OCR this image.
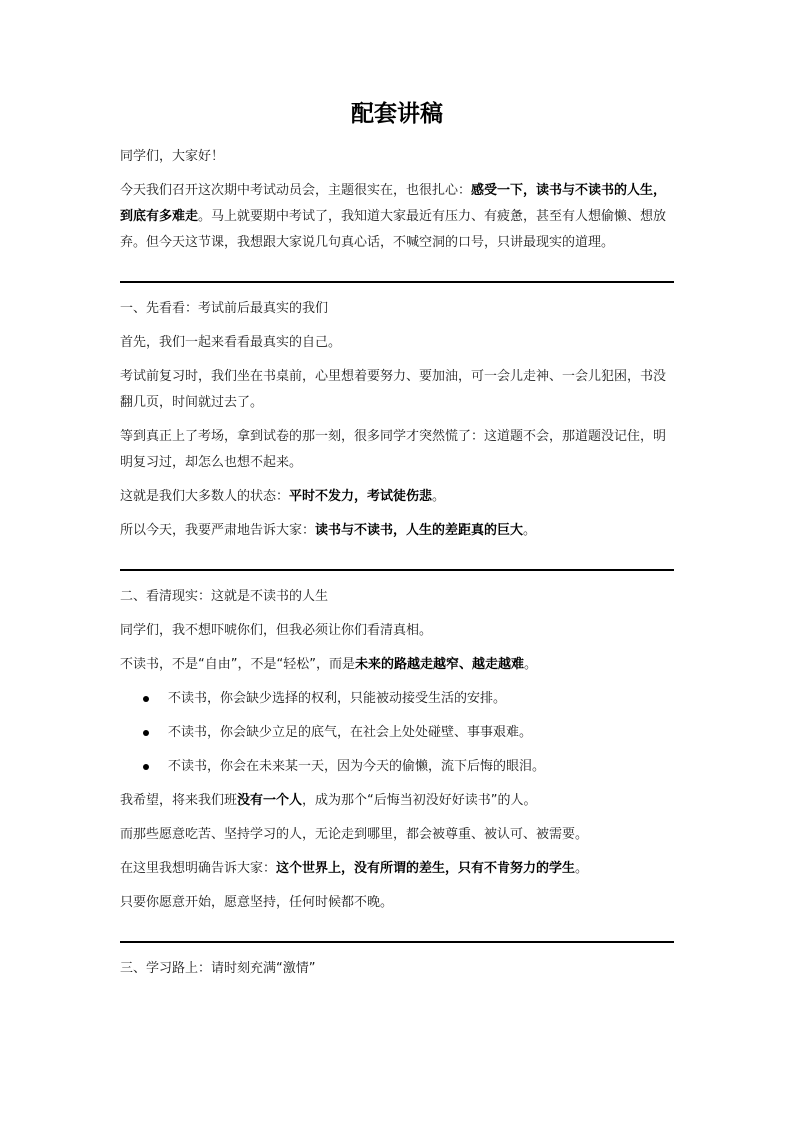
配套讲稿

同学们，大家好！

今天我们召开这次期中考试动员会，主题很实在，也很扎心：感受一下，读书与不读书的人生，到底有多难走。马上就要期中考试了，我知道大家最近有压力、有疲惫，甚至有人想偷懒、想放弃。但今天这节课，我想跟大家说几句真心话，不喊空洞的口号，只讲最现实的道理。

一、先看看：考试前后最真实的我们

首先，我们一起来看看最真实的自己。

考试前复习时，我们坐在书桌前，心里想着要努力、要加油，可一会儿走神、一会儿犯困，书没翻几页，时间就过去了。

等到真正上了考场，拿到试卷的那一刻，很多同学才突然慌了：这道题不会，那道题没记住，明明复习过，却怎么也想不起来。

这就是我们大多数人的状态：平时不发力，考试徒伤悲。

所以今天，我要严肃地告诉大家：读书与不读书，人生的差距真的巨大。

二、看清现实：这就是不读书的人生

同学们，我不想吓唬你们，但我必须让你们看清真相。

不读书，不是“自由”，不是“轻松”，而是未来的路越走越窄、越走越难。

不读书，你会缺少选择的权利，只能被动接受生活的安排。
不读书，你会缺少立足的底气，在社会上处处碰壁、事事艰难。
不读书，你会在未来某一天，因为今天的偷懒，流下后悔的眼泪。

我希望，将来我们班没有一个人，成为那个“后悔当初没好好读书”的人。

而那些愿意吃苦、坚持学习的人，无论走到哪里，都会被尊重、被认可、被需要。

在这里我想明确告诉大家：这个世界上，没有所谓的差生，只有不肯努力的学生。

只要你愿意开始，愿意坚持，任何时候都不晚。

三、学习路上：请时刻充满“激情”
